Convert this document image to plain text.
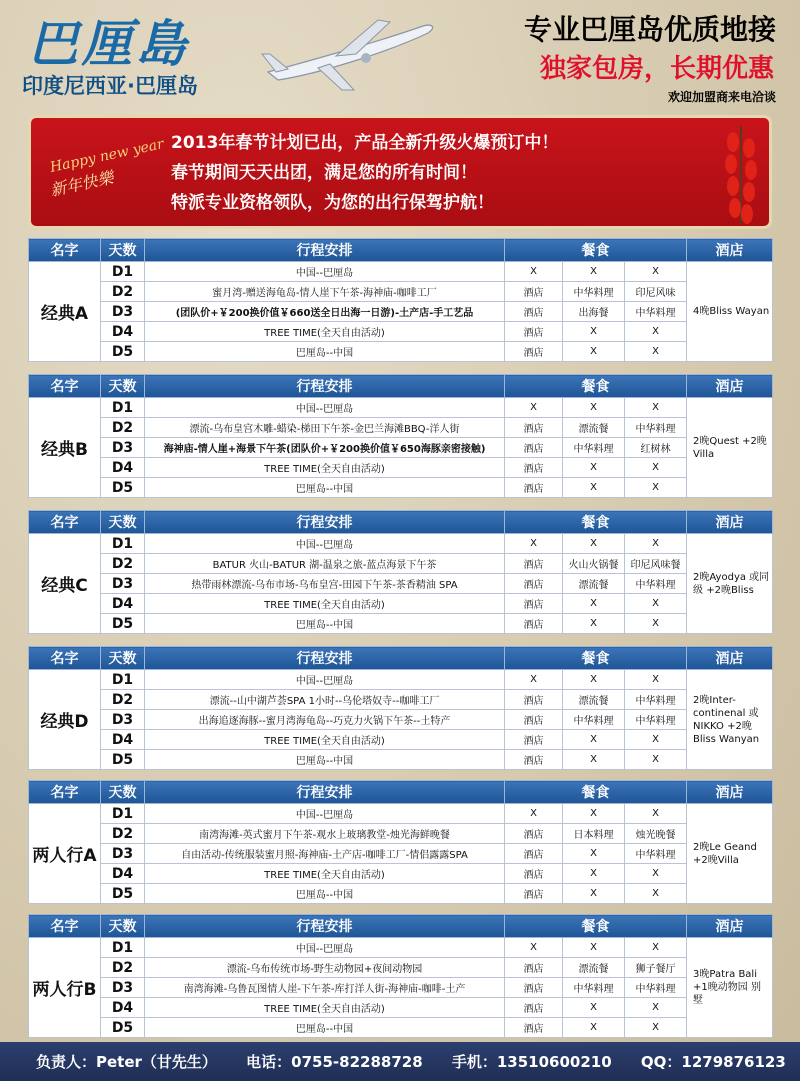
巴厘島
印度尼西亚·巴厘岛
专业巴厘岛优质地接
独家包房，长期优惠
欢迎加盟商来电洽谈
Happy new year
新年快樂
2013年春节计划已出，产品全新升级火爆预订中！
春节期间天天出团，满足您的所有时间！
特派专业资格领队，为您的出行保驾护航！
名字	天数	行程安排	餐食			酒店
经典A	D1	中国--巴厘岛	X	X	X	4晚Bliss Wayan
	D2	蜜月湾-赠送海龟岛-情人崖下午茶-海神庙-咖啡工厂	酒店	中华料理	印尼风味	
	D3	(团队价+￥200换价值￥660送全日出海一日游)-土产店-手工艺品	酒店	出海餐	中华料理	
	D4	TREE TIME(全天自由活动)	酒店	X	X	
	D5	巴厘岛--中国	酒店	X	X	
名字	天数	行程安排	餐食			酒店
经典B	D1	中国--巴厘岛	X	X	X	2晚Quest +2晚Villa
	D2	漂流-乌布皇宫木雕-蜡染-梯田下午茶-金巴兰海滩BBQ-洋人街	酒店	漂流餐	中华料理	
	D3	海神庙-情人崖+海景下午茶(团队价+￥200换价值￥650海豚亲密接触)	酒店	中华料理	红树林	
	D4	TREE TIME(全天自由活动)	酒店	X	X	
	D5	巴厘岛--中国	酒店	X	X	
名字	天数	行程安排	餐食			酒店
经典C	D1	中国--巴厘岛	X	X	X	2晚Ayodya 或同级 +2晚Bliss
	D2	BATUR 火山-BATUR 湖-温泉之旅-蓝点海景下午茶	酒店	火山火锅餐	印尼风味餐	
	D3	热带雨林漂流-乌布市场-乌布皇宫-田园下午茶-茶香精油 SPA	酒店	漂流餐	中华料理	
	D4	TREE TIME(全天自由活动)	酒店	X	X	
	D5	巴厘岛--中国	酒店	X	X	
名字	天数	行程安排	餐食			酒店
经典D	D1	中国--巴厘岛	X	X	X	2晚Inter-continenal 或NIKKO +2晚Bliss Wanyan
	D2	漂流--山中湖芦荟SPA 1小时--乌伦塔奴寺--咖啡工厂	酒店	漂流餐	中华料理	
	D3	出海追逐海豚--蜜月湾海龟岛--巧克力火锅下午茶--土特产	酒店	中华料理	中华料理	
	D4	TREE TIME(全天自由活动)	酒店	X	X	
	D5	巴厘岛--中国	酒店	X	X	
名字	天数	行程安排	餐食			酒店
两人行A	D1	中国--巴厘岛	X	X	X	2晚Le Geand +2晚Villa
	D2	南湾海滩-英式蜜月下午茶-观水上玻璃教堂-烛光海鲜晚餐	酒店	日本料理	烛光晚餐	
	D3	自由活动-传统服装蜜月照-海神庙-土产店-咖啡工厂-情侣露露SPA	酒店	X	中华料理	
	D4	TREE TIME(全天自由活动)	酒店	X	X	
	D5	巴厘岛--中国	酒店	X	X	
名字	天数	行程安排	餐食			酒店
两人行B	D1	中国--巴厘岛	X	X	X	3晚Patra Bali +1晚动物园 别墅
	D2	漂流-乌布传统市场-野生动物园+夜间动物园	酒店	漂流餐	狮子餐厅	
	D3	南湾海滩-乌鲁瓦图情人崖-下午茶-库打洋人街-海神庙-咖啡-土产	酒店	中华料理	中华料理	
	D4	TREE TIME(全天自由活动)	酒店	X	X	
	D5	巴厘岛--中国	酒店	X	X	
负责人：Peter（甘先生） 电话：0755-82288728 手机：13510600210 QQ：1279876123
